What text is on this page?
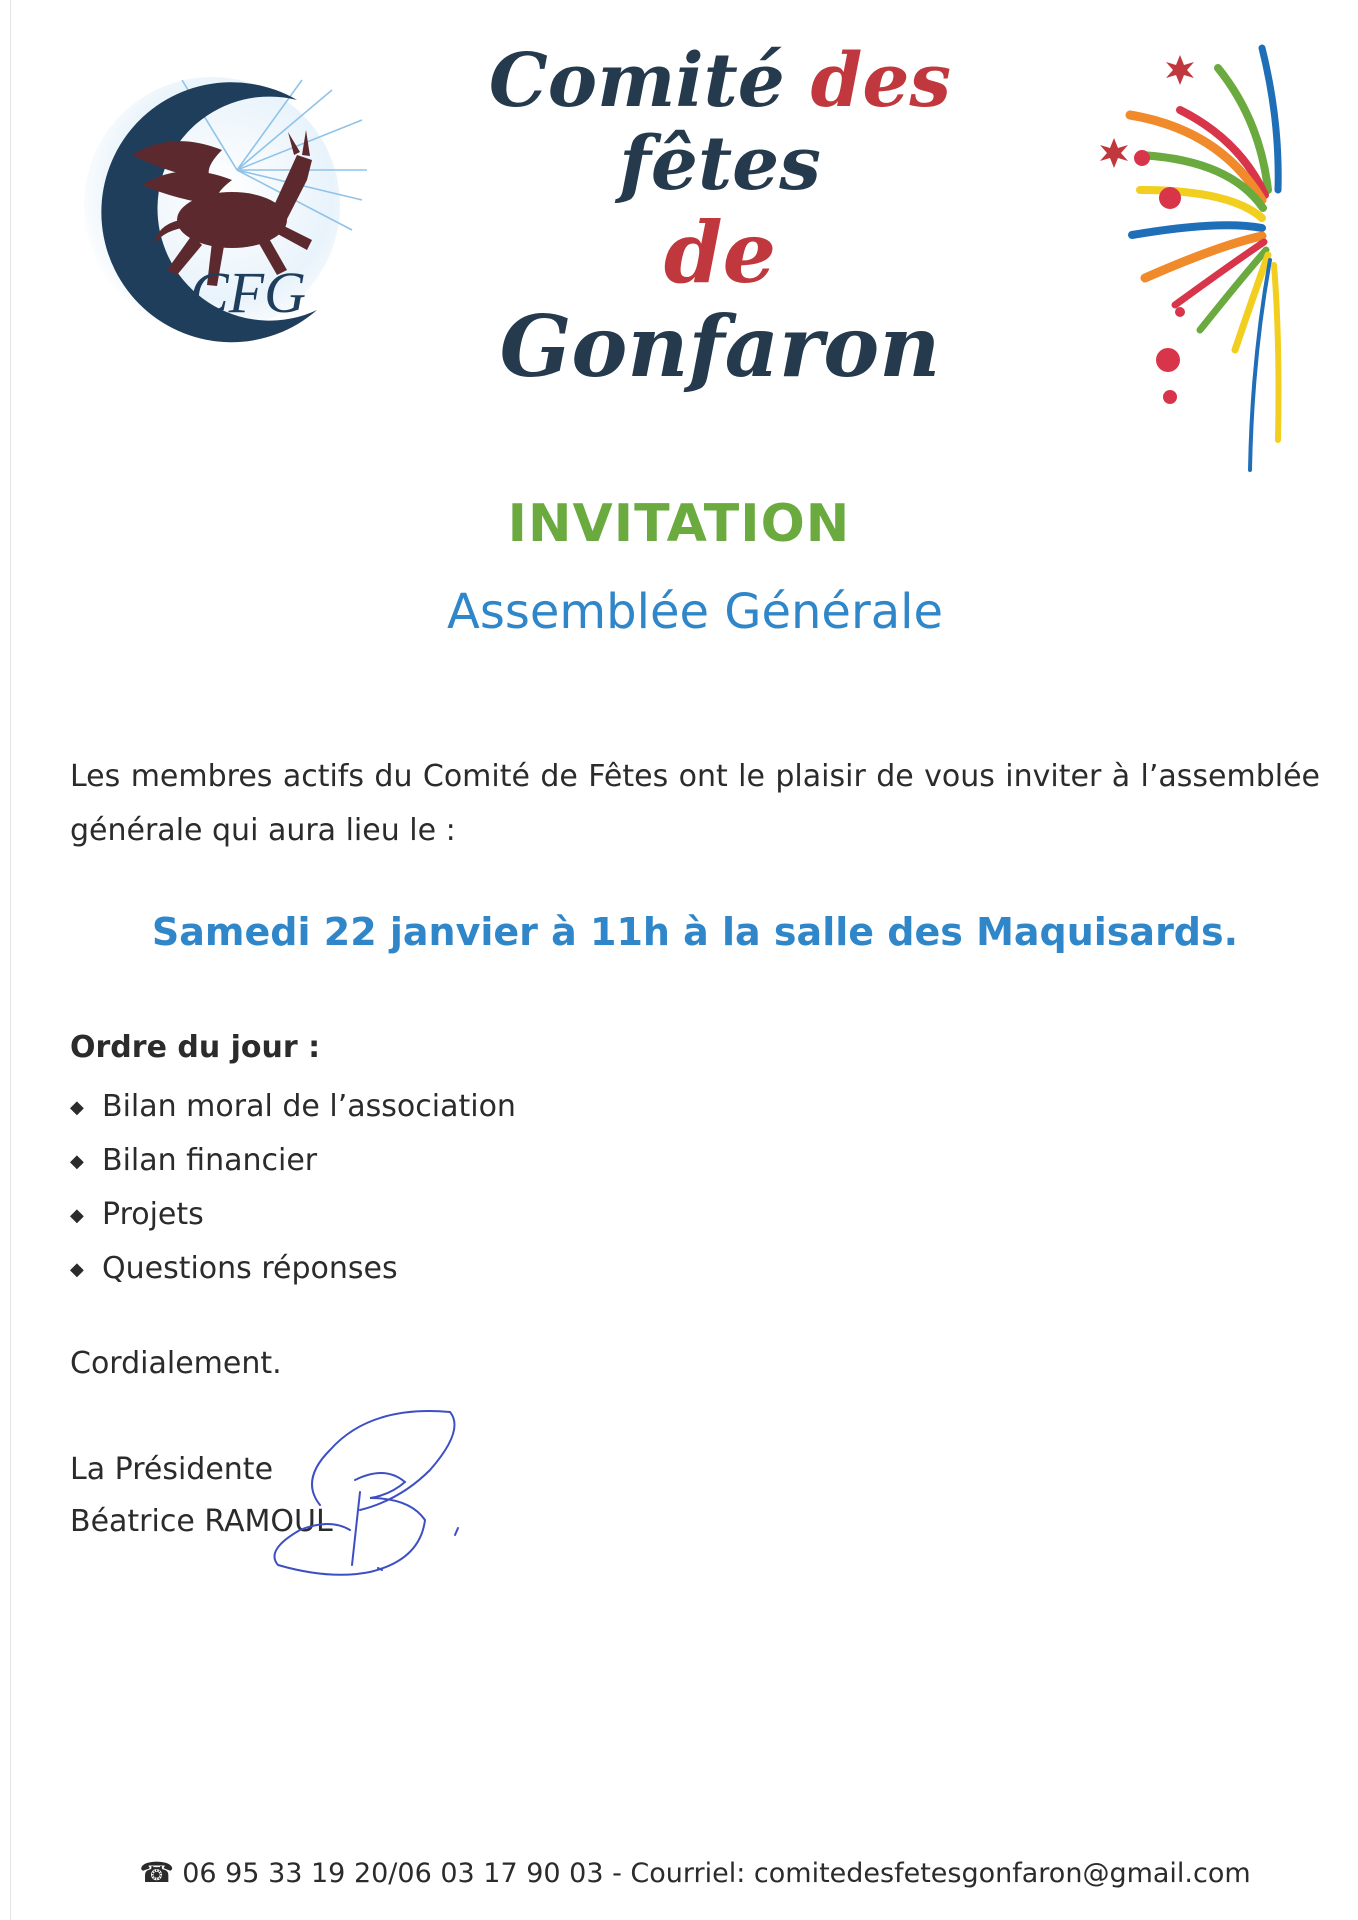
CFG
Comité des
fêtes
de Gonfaron
INVITATION
Assemblée Générale
Les membres actifs du Comité de Fêtes ont le plaisir de vous inviter à l’assemblée générale qui aura lieu le :
Samedi 22 janvier à 11h à la salle des Maquisards.
Ordre du jour :
◆ Bilan moral de l’association
◆ Bilan financier
◆ Projets
◆ Questions réponses
Cordialement.
La Présidente
Béatrice RAMOUL
☎ 06 95 33 19 20/06 03 17 90 03 - Courriel: comitedesfetesgonfaron@gmail.com
